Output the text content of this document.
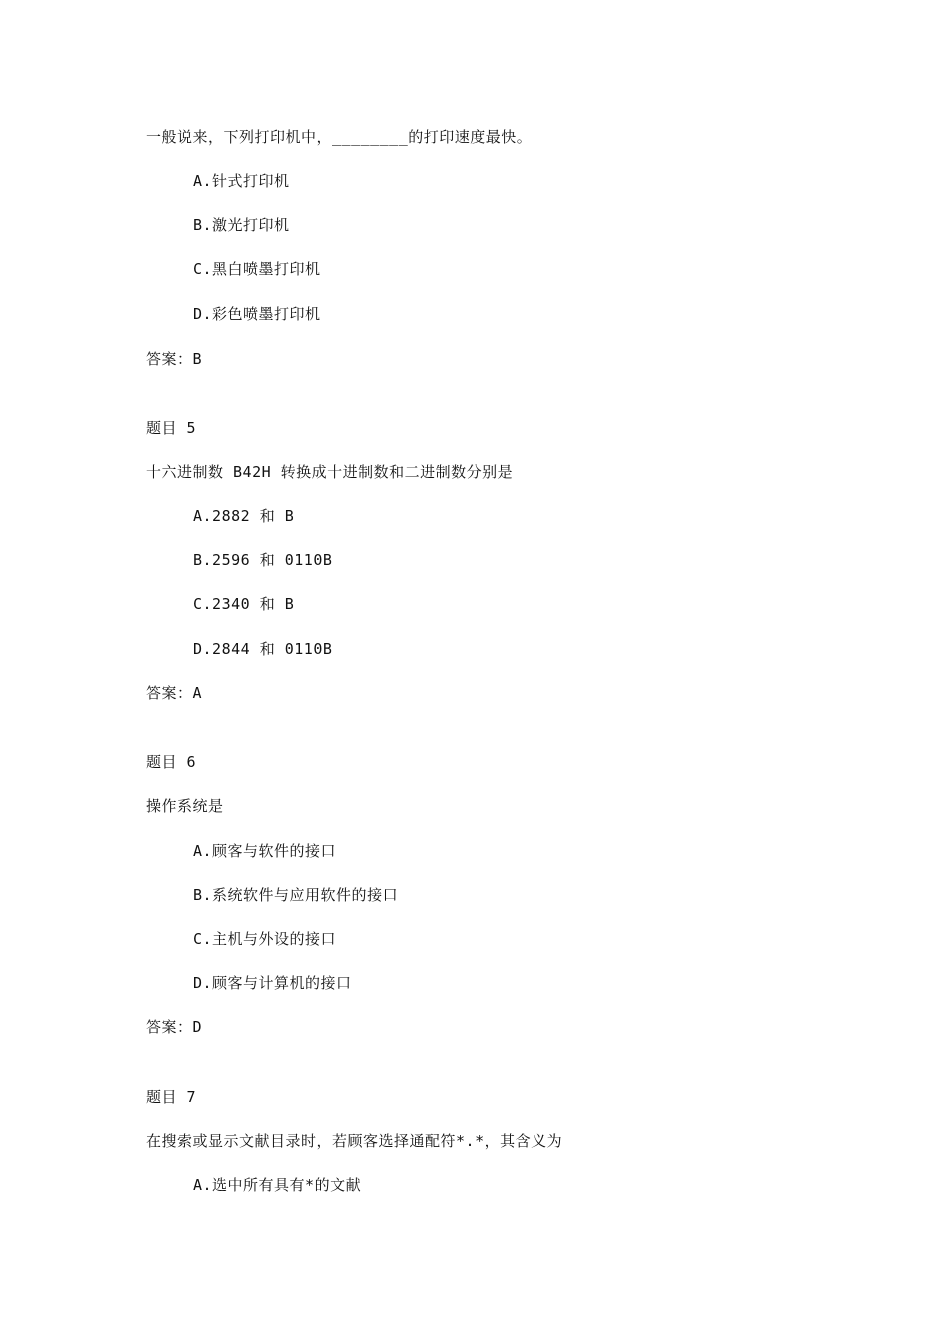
一般说来，下列打印机中，________的打印速度最快。
A.针式打印机
B.激光打印机
C.黑白喷墨打印机
D.彩色喷墨打印机
答案：B
题目 5
十六进制数 B42H 转换成十进制数和二进制数分别是
A.2882 和 B
B.2596 和 0110B
C.2340 和 B
D.2844 和 0110B
答案：A
题目 6
操作系统是
A.顾客与软件的接口
B.系统软件与应用软件的接口
C.主机与外设的接口
D.顾客与计算机的接口
答案：D
题目 7
在搜索或显示文献目录时，若顾客选择通配符*.*，其含义为
A.选中所有具有*的文献
